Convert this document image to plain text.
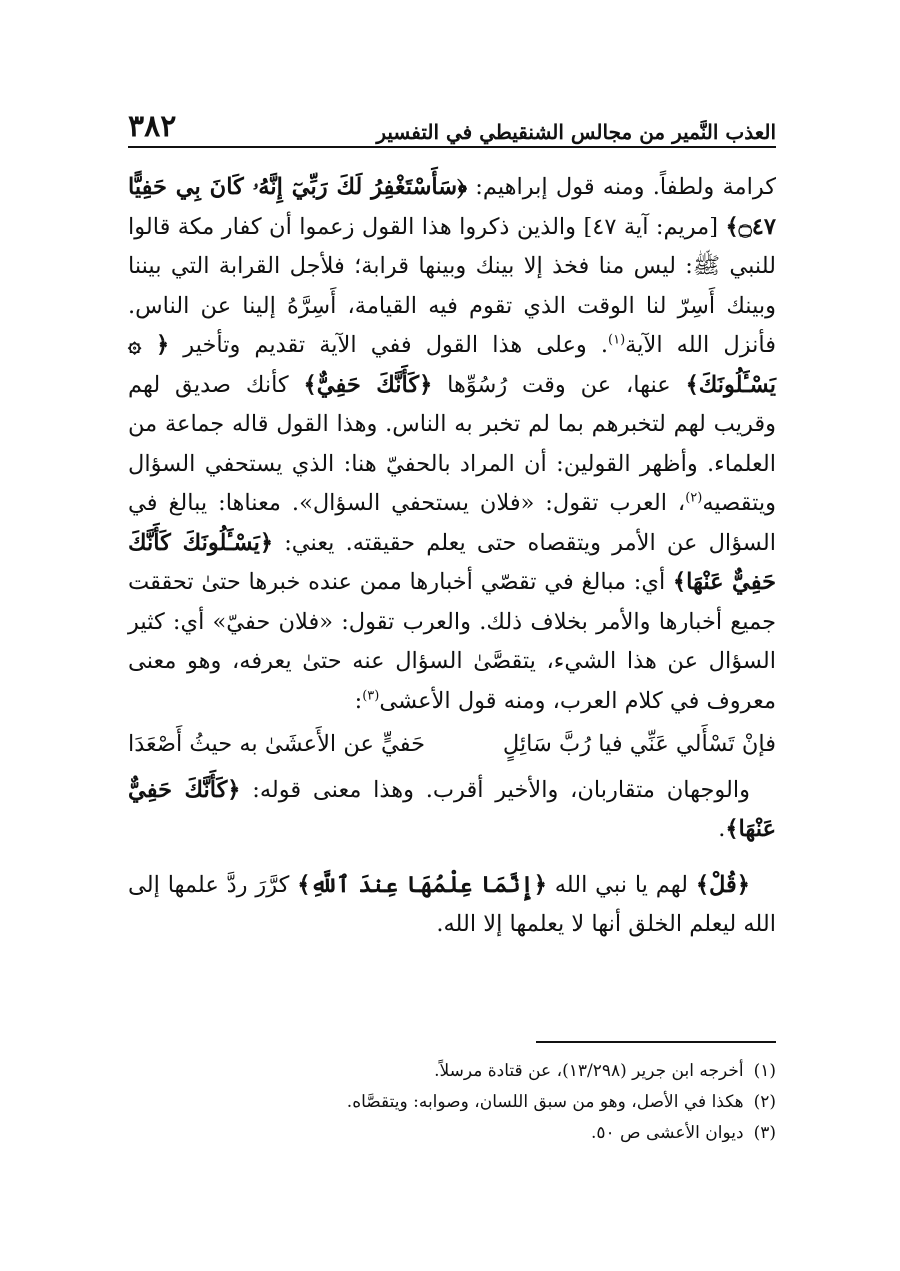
العذب النَّمير من مجالس الشنقيطي في التفسير
٣٨٢

كرامة ولطفاً. ومنه قول إبراهيم: ﴿سَأَسْتَغْفِرُ لَكَ رَبِّيٓ إِنَّهُۥ كَانَ بِي حَفِيًّا ۝٤٧﴾ [مريم: آية ٤٧] والذين ذكروا هذا القول زعموا أن كفار مكة قالوا للنبي ﷺ: ليس منا فخذ إلا بينك وبينها قرابة؛ فلأجل القرابة التي بيننا وبينك أَسِرّ لنا الوقت الذي تقوم فيه القيامة، أَسِرَّهُ إلينا عن الناس. فأنزل الله الآية$^{(١)}$. وعلى هذا القول ففي الآية تقديم وتأخير ﴿ ۞ يَسْـَٔلُونَكَ﴾ عنها، عن وقت رُسُوِّها ﴿كَأَنَّكَ حَفِيٌّ﴾ كأنك صديق لهم وقريب لهم لتخبرهم بما لم تخبر به الناس. وهذا القول قاله جماعة من العلماء. وأظهر القولين: أن المراد بالحفيّ هنا: الذي يستحفي السؤال ويتقصيه$^{(٢)}$، العرب تقول: «فلان يستحفي السؤال». معناها: يبالغ في السؤال عن الأمر ويتقصاه حتى يعلم حقيقته. يعني: ﴿يَسْـَٔلُونَكَ كَأَنَّكَ حَفِيٌّ عَنْهَا﴾ أي: مبالغ في تقصّي أخبارها ممن عنده خبرها حتىٰ تحققت جميع أخبارها والأمر بخلاف ذلك. والعرب تقول: «فلان حفيّ» أي: كثير السؤال عن هذا الشيء، يتقصَّىٰ السؤال عنه حتىٰ يعرفه، وهو معنى معروف في كلام العرب، ومنه قول الأعشى$^{(٣)}$:

فإنْ تَسْأَلي عَنِّي فيا رُبَّ سَائِلٍ
حَفيٍّ عن الأَعشَىٰ به حيثُ أَصْعَدَا

والوجهان متقاربان، والأخير أقرب. وهذا معنى قوله: ﴿كَأَنَّكَ حَفِيٌّ عَنْهَا﴾.

﴿قُلْ﴾ لهم يا نبي الله ﴿إِنَّمَا عِلْمُهَا عِندَ ٱللَّهِ﴾ كرَّرَ ردَّ علمها إلى الله ليعلم الخلق أنها لا يعلمها إلا الله.

(١)
أخرجه ابن جرير (١٣/٢٩٨)، عن قتادة مرسلاً.
(٢)
هكذا في الأصل، وهو من سبق اللسان، وصوابه: ويتقصَّاه.
(٣)
ديوان الأعشى ص ٥٠.
